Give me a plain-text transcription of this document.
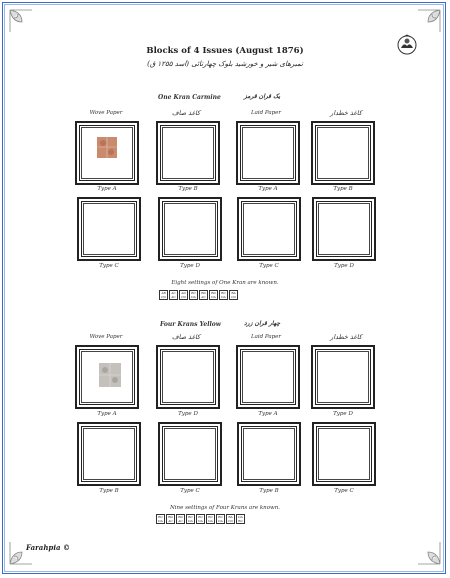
Blocks of 4 Issues (August 1876)
تمبرهای شیر و خورشید بلوک چهارتائی (اسد ۱۲۵۵ ق)
One Kran Carmine	یک قران قرمز
Wove Paper	کاغذ صاف	Laid Paper	کاغذ خطدار
Type A	Type B	Type A	Type B
Type C	Type D	Type C	Type D
Eight settings of One Kran are known.
AB
CD
AC
AC
AD
CD
BC
DA
BD
AC
BD
DA
BC
DA
BA
CD
Four Krans Yellow	چهار قران زرد
Wove Paper	کاغذ صاف	Laid Paper	کاغذ خطدار
Type A	Type D	Type A	Type D
Type B	Type C	Type B	Type C
Nine settings of Four Krans are known.
BC
DA
BD
AC
BD
AC
BC
DA
BC
DA
BC
DA
BC
DA
BA
CD
DA
BC
Farahpia ©
